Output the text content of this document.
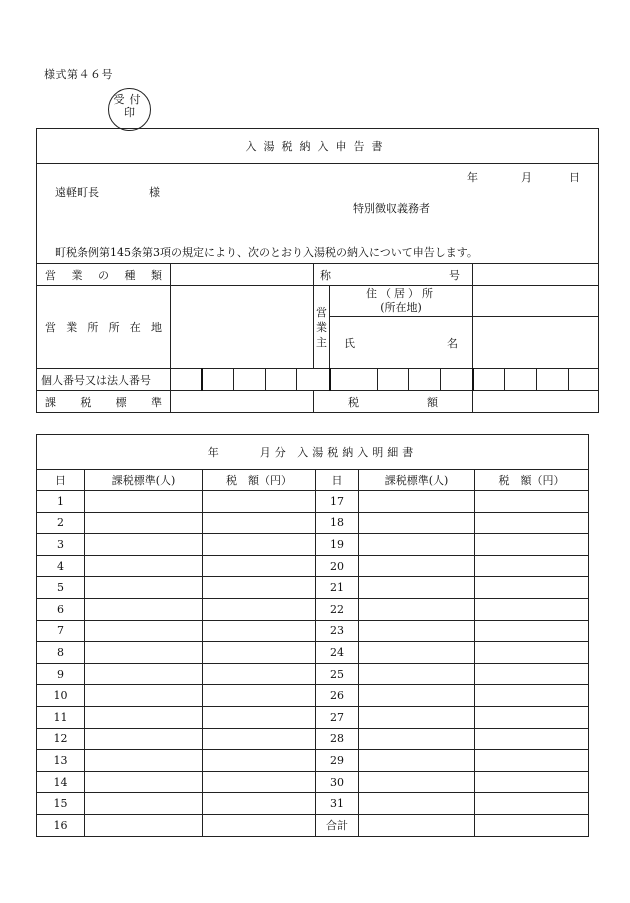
様式第４６号
受付
印
入湯税納入申告書														

年 月 日
遠軽町長 様
特別徴収義務者
町税条例第145条第3項の規定により、次のとおり入湯税の納入について申告します。														

営業の種類						称号								
営業所所在地						営業主	住（居）所
(所在地)							

							氏名							
個人番号又は法人番号														
課税標準						税額								
年 月分 入湯税納入明細書					
日	課税標準(人)	税　額（円）	日	課税標準(人)	税　額（円）
1			17		
2			18		
3			19		
4			20		
5			21		
6			22		
7			23		
8			24		
9			25		
10			26		
11			27		
12			28		
13			29		
14			30		
15			31		
16			合計		
